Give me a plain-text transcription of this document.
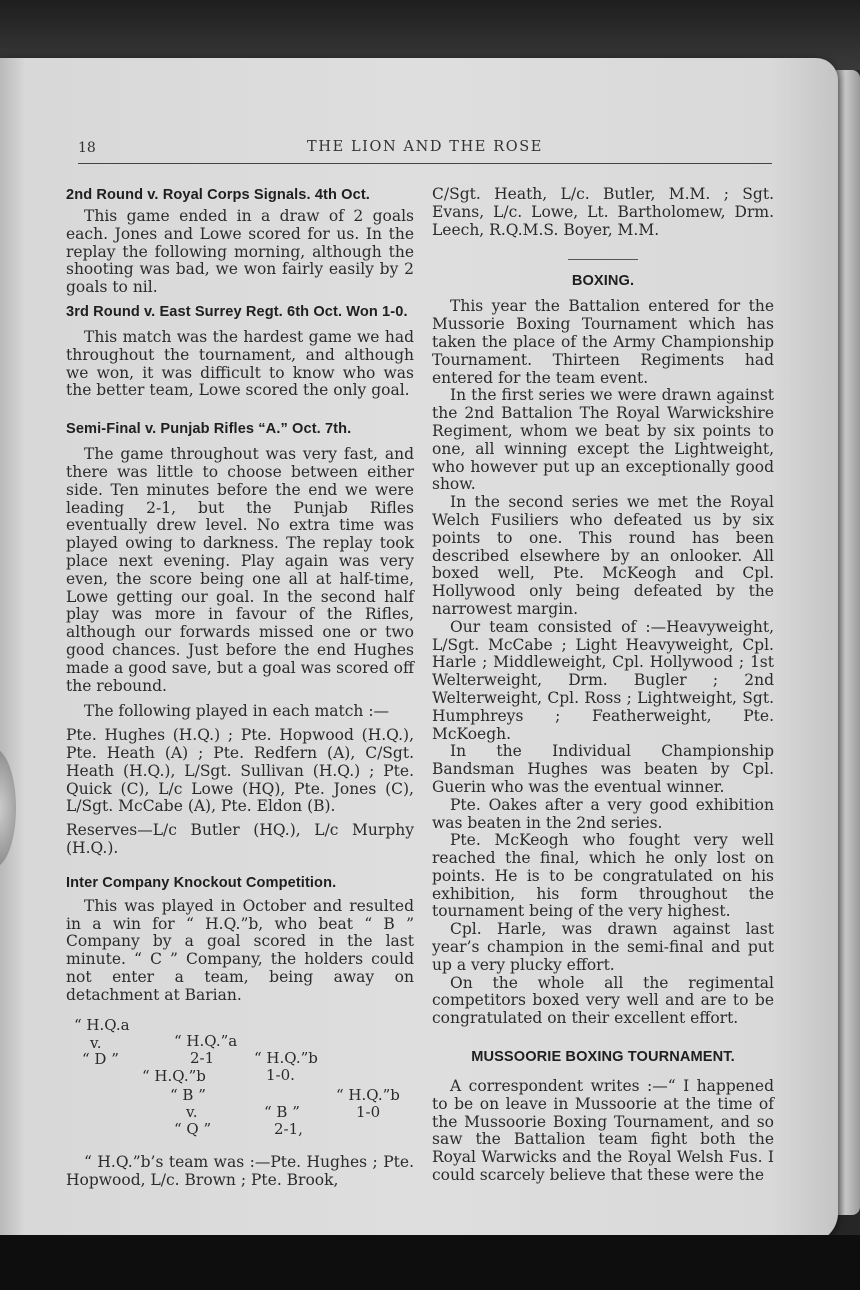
18	THE LION AND THE ROSE
2nd Round v. Royal Corps Signals. 4th Oct.

This game ended in a draw of 2 goals each. Jones and Lowe scored for us. In the replay the following morning, although the shooting was bad, we won fairly easily by 2 goals to nil.

3rd Round v. East Surrey Regt. 6th Oct. Won 1-0.

This match was the hardest game we had throughout the tournament, and although we won, it was difficult to know who was the better team, Lowe scored the only goal.

Semi-Final v. Punjab Rifles “A.” Oct. 7th.

The game throughout was very fast, and there was little to choose between either side. Ten minutes before the end we were leading 2-1, but the Punjab Rifles eventually drew level. No extra time was played owing to darkness. The replay took place next evening. Play again was very even, the score being one all at half-time, Lowe getting our goal. In the second half play was more in favour of the Rifles, although our forwards missed one or two good chances. Just before the end Hughes made a good save, but a goal was scored off the rebound.

The following played in each match :—

Pte. Hughes (H.Q.) ; Pte. Hopwood (H.Q.), Pte. Heath (A) ; Pte. Redfern (A), C/Sgt. Heath (H.Q.), L/Sgt. Sullivan (H.Q.) ; Pte. Quick (C), L/c Lowe (HQ), Pte. Jones (C), L/Sgt. McCabe (A), Pte. Eldon (B).

Reserves—L/c Butler (HQ.), L/c Murphy (H.Q.).

Inter Company Knockout Competition.

This was played in October and resulted in a win for “ H.Q.”b, who beat “ B ” Company by a goal scored in the last minute. “ C ” Company, the holders could not enter a team, being away on detachment at Barian.

“ H.Q.a
v.
“ D ”
“ H.Q.”a
2-1	“ H.Q.”b
1-0.
“ H.Q.”b
“ B ”
v.
“ Q ”
“ B ”
2-1,
“ H.Q.”b
1-0

“ H.Q.”b’s team was :—Pte. Hughes ; Pte. Hopwood, L/c. Brown ; Pte. Brook,

C/Sgt. Heath, L/c. Butler, M.M. ; Sgt. Evans, L/c. Lowe, Lt. Bartholomew, Drm. Leech, R.Q.M.S. Boyer, M.M.

BOXING.

This year the Battalion entered for the Mussorie Boxing Tournament which has taken the place of the Army Championship Tournament. Thirteen Regiments had entered for the team event.

In the first series we were drawn against the 2nd Battalion The Royal Warwickshire Regiment, whom we beat by six points to one, all winning except the Lightweight, who however put up an exceptionally good show.

In the second series we met the Royal Welch Fusiliers who defeated us by six points to one. This round has been described elsewhere by an onlooker. All boxed well, Pte. McKeogh and Cpl. Hollywood only being defeated by the narrowest margin.

Our team consisted of :—Heavyweight, L/Sgt. McCabe ; Light Heavyweight, Cpl. Harle ; Middleweight, Cpl. Hollywood ; 1st Welterweight, Drm. Bugler ; 2nd Welterweight, Cpl. Ross ; Lightweight, Sgt. Humphreys ; Featherweight, Pte. McKoegh.

In the Individual Championship Bandsman Hughes was beaten by Cpl. Guerin who was the eventual winner.

Pte. Oakes after a very good exhibition was beaten in the 2nd series.

Pte. McKeogh who fought very well reached the final, which he only lost on points. He is to be congratulated on his exhibition, his form throughout the tournament being of the very highest.

Cpl. Harle, was drawn against last year’s champion in the semi-final and put up a very plucky effort.

On the whole all the regimental competitors boxed very well and are to be congratulated on their excellent effort.

MUSSOORIE BOXING TOURNAMENT.

A correspondent writes :—“ I happened to be on leave in Mussoorie at the time of the Mussoorie Boxing Tournament, and so saw the Battalion team fight both the Royal Warwicks and the Royal Welsh Fus. I could scarcely believe that these were the
